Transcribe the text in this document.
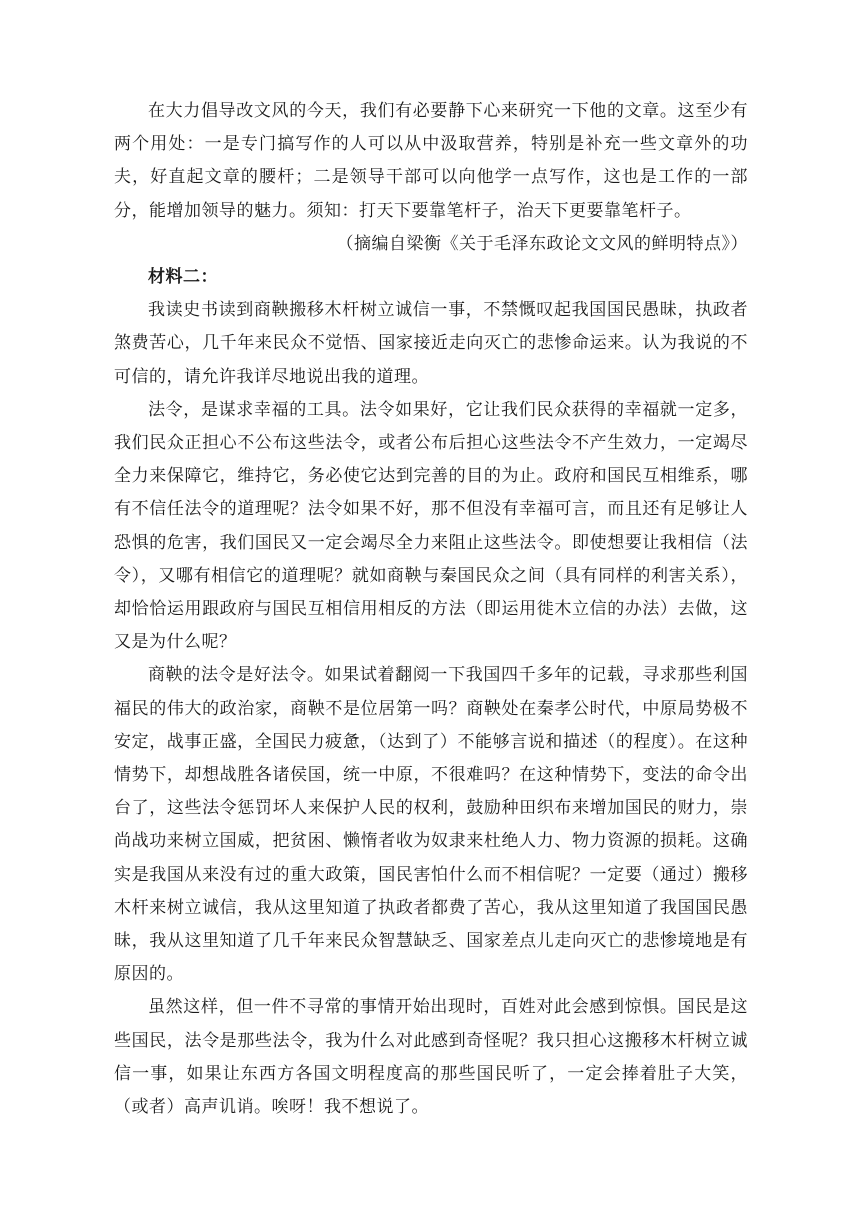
在大力倡导改文风的今天，我们有必要静下心来研究一下他的文章。这至少有两个用处：一是专门搞写作的人可以从中汲取营养，特别是补充一些文章外的功夫，好直起文章的腰杆；二是领导干部可以向他学一点写作，这也是工作的一部分，能增加领导的魅力。须知：打天下要靠笔杆子，治天下更要靠笔杆子。

（摘编自梁衡《关于毛泽东政论文文风的鲜明特点》）

材料二：

我读史书读到商鞅搬移木杆树立诚信一事，不禁慨叹起我国国民愚昧，执政者煞费苦心，几千年来民众不觉悟、国家接近走向灭亡的悲惨命运来。认为我说的不可信的，请允许我详尽地说出我的道理。

法令，是谋求幸福的工具。法令如果好，它让我们民众获得的幸福就一定多，我们民众正担心不公布这些法令，或者公布后担心这些法令不产生效力，一定竭尽全力来保障它，维持它，务必使它达到完善的目的为止。政府和国民互相维系，哪有不信任法令的道理呢？法令如果不好，那不但没有幸福可言，而且还有足够让人恐惧的危害，我们国民又一定会竭尽全力来阻止这些法令。即使想要让我相信（法令），又哪有相信它的道理呢？就如商鞅与秦国民众之间（具有同样的利害关系），却恰恰运用跟政府与国民互相信用相反的方法（即运用徙木立信的办法）去做，这又是为什么呢？

商鞅的法令是好法令。如果试着翻阅一下我国四千多年的记载，寻求那些利国福民的伟大的政治家，商鞅不是位居第一吗？商鞅处在秦孝公时代，中原局势极不安定，战事正盛，全国民力疲惫，（达到了）不能够言说和描述（的程度）。在这种情势下，却想战胜各诸侯国，统一中原，不很难吗？在这种情势下，变法的命令出台了，这些法令惩罚坏人来保护人民的权利，鼓励种田织布来增加国民的财力，崇尚战功来树立国威，把贫困、懒惰者收为奴隶来杜绝人力、物力资源的损耗。这确实是我国从来没有过的重大政策，国民害怕什么而不相信呢？一定要（通过）搬移木杆来树立诚信，我从这里知道了执政者都费了苦心，我从这里知道了我国国民愚昧，我从这里知道了几千年来民众智慧缺乏、国家差点儿走向灭亡的悲惨境地是有原因的。

虽然这样，但一件不寻常的事情开始出现时，百姓对此会感到惊惧。国民是这些国民，法令是那些法令，我为什么对此感到奇怪呢？我只担心这搬移木杆树立诚信一事，如果让东西方各国文明程度高的那些国民听了，一定会捧着肚子大笑，（或者）高声讥诮。唉呀！我不想说了。
